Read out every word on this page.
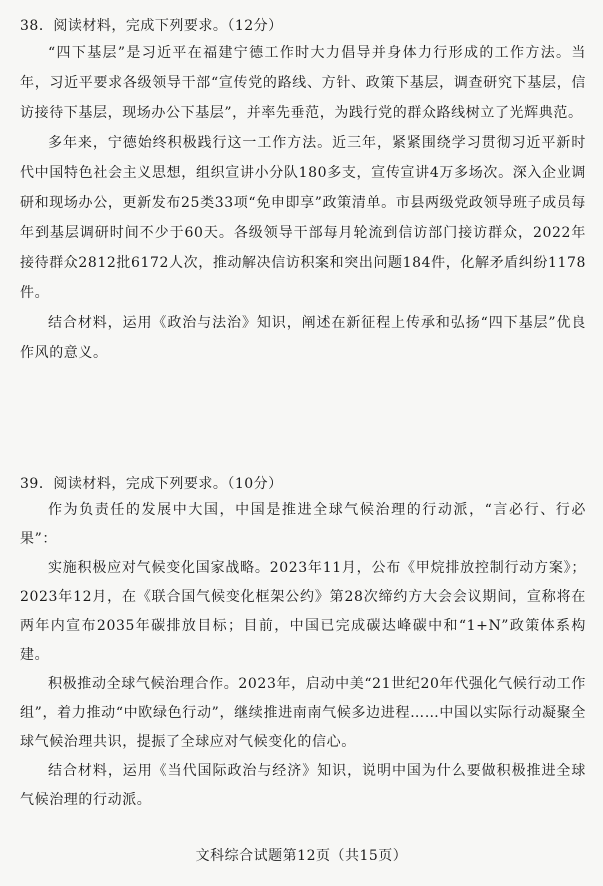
38．阅读材料，完成下列要求。（12分）

“四下基层”是习近平在福建宁德工作时大力倡导并身体力行形成的工作方法。当年，习近平要求各级领导干部“宣传党的路线、方针、政策下基层，调查研究下基层，信访接待下基层，现场办公下基层”，并率先垂范，为践行党的群众路线树立了光辉典范。

多年来，宁德始终积极践行这一工作方法。近三年，紧紧围绕学习贯彻习近平新时代中国特色社会主义思想，组织宣讲小分队180多支，宣传宣讲4万多场次。深入企业调研和现场办公，更新发布25类33项“免申即享”政策清单。市县两级党政领导班子成员每年到基层调研时间不少于60天。各级领导干部每月轮流到信访部门接访群众，2022年接待群众2812批6172人次，推动解决信访积案和突出问题184件，化解矛盾纠纷1178件。

结合材料，运用《政治与法治》知识，阐述在新征程上传承和弘扬“四下基层”优良作风的意义。

39．阅读材料，完成下列要求。（10分）

作为负责任的发展中大国，中国是推进全球气候治理的行动派，“言必行、行必果”：

实施积极应对气候变化国家战略。2023年11月，公布《甲烷排放控制行动方案》；2023年12月，在《联合国气候变化框架公约》第28次缔约方大会会议期间，宣称将在两年内宣布2035年碳排放目标；目前，中国已完成碳达峰碳中和“1+N”政策体系构建。

积极推动全球气候治理合作。2023年，启动中美“21世纪20年代强化气候行动工作组”，着力推动“中欧绿色行动”，继续推进南南气候多边进程……中国以实际行动凝聚全球气候治理共识，提振了全球应对气候变化的信心。

结合材料，运用《当代国际政治与经济》知识，说明中国为什么要做积极推进全球气候治理的行动派。

文科综合试题第12页（共15页）
